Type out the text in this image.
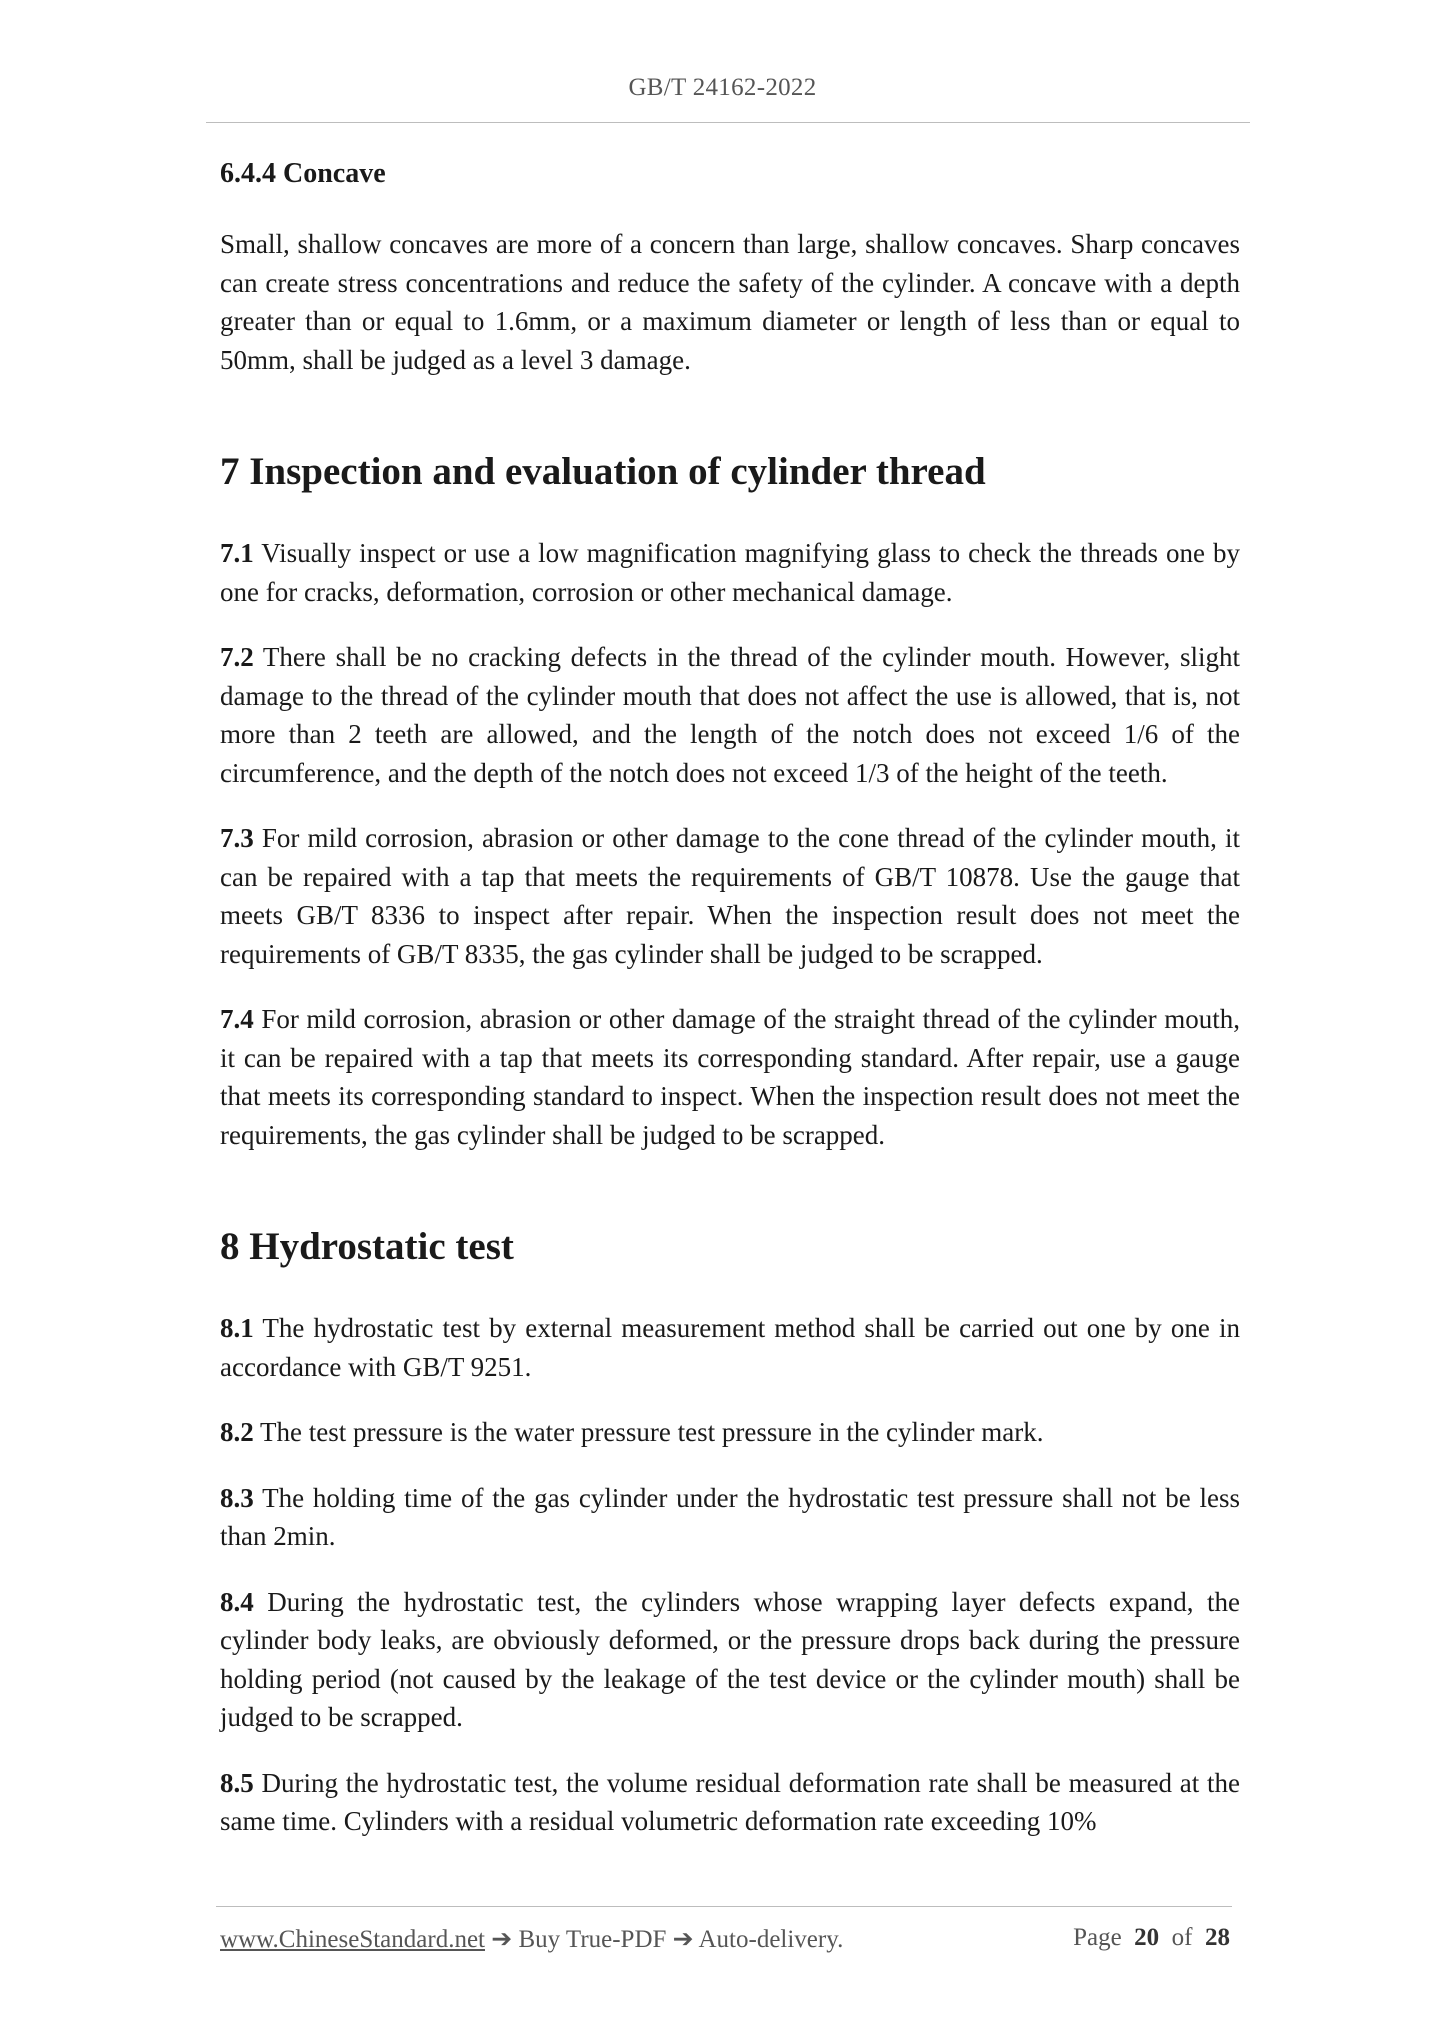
GB/T 24162-2022
6.4.4 Concave

Small, shallow concaves are more of a concern than large, shallow concaves. Sharp concaves can create stress concentrations and reduce the safety of the cylinder. A concave with a depth greater than or equal to 1.6mm, or a maximum diameter or length of less than or equal to 50mm, shall be judged as a level 3 damage.

7 Inspection and evaluation of cylinder thread

7.1 Visually inspect or use a low magnification magnifying glass to check the threads one by one for cracks, deformation, corrosion or other mechanical damage.

7.2 There shall be no cracking defects in the thread of the cylinder mouth. However, slight damage to the thread of the cylinder mouth that does not affect the use is allowed, that is, not more than 2 teeth are allowed, and the length of the notch does not exceed 1/6 of the circumference, and the depth of the notch does not exceed 1/3 of the height of the teeth.

7.3 For mild corrosion, abrasion or other damage to the cone thread of the cylinder mouth, it can be repaired with a tap that meets the requirements of GB/T 10878. Use the gauge that meets GB/T 8336 to inspect after repair. When the inspection result does not meet the requirements of GB/T 8335, the gas cylinder shall be judged to be scrapped.

7.4 For mild corrosion, abrasion or other damage of the straight thread of the cylinder mouth, it can be repaired with a tap that meets its corresponding standard. After repair, use a gauge that meets its corresponding standard to inspect. When the inspection result does not meet the requirements, the gas cylinder shall be judged to be scrapped.

8 Hydrostatic test

8.1 The hydrostatic test by external measurement method shall be carried out one by one in accordance with GB/T 9251.

8.2 The test pressure is the water pressure test pressure in the cylinder mark.

8.3 The holding time of the gas cylinder under the hydrostatic test pressure shall not be less than 2min.

8.4 During the hydrostatic test, the cylinders whose wrapping layer defects expand, the cylinder body leaks, are obviously deformed, or the pressure drops back during the pressure holding period (not caused by the leakage of the test device or the cylinder mouth) shall be judged to be scrapped.

8.5 During the hydrostatic test, the volume residual deformation rate shall be measured at the same time. Cylinders with a residual volumetric deformation rate exceeding 10%

www.ChineseStandard.net ➔ Buy True-PDF ➔ Auto-delivery.	Page 20 of 28
